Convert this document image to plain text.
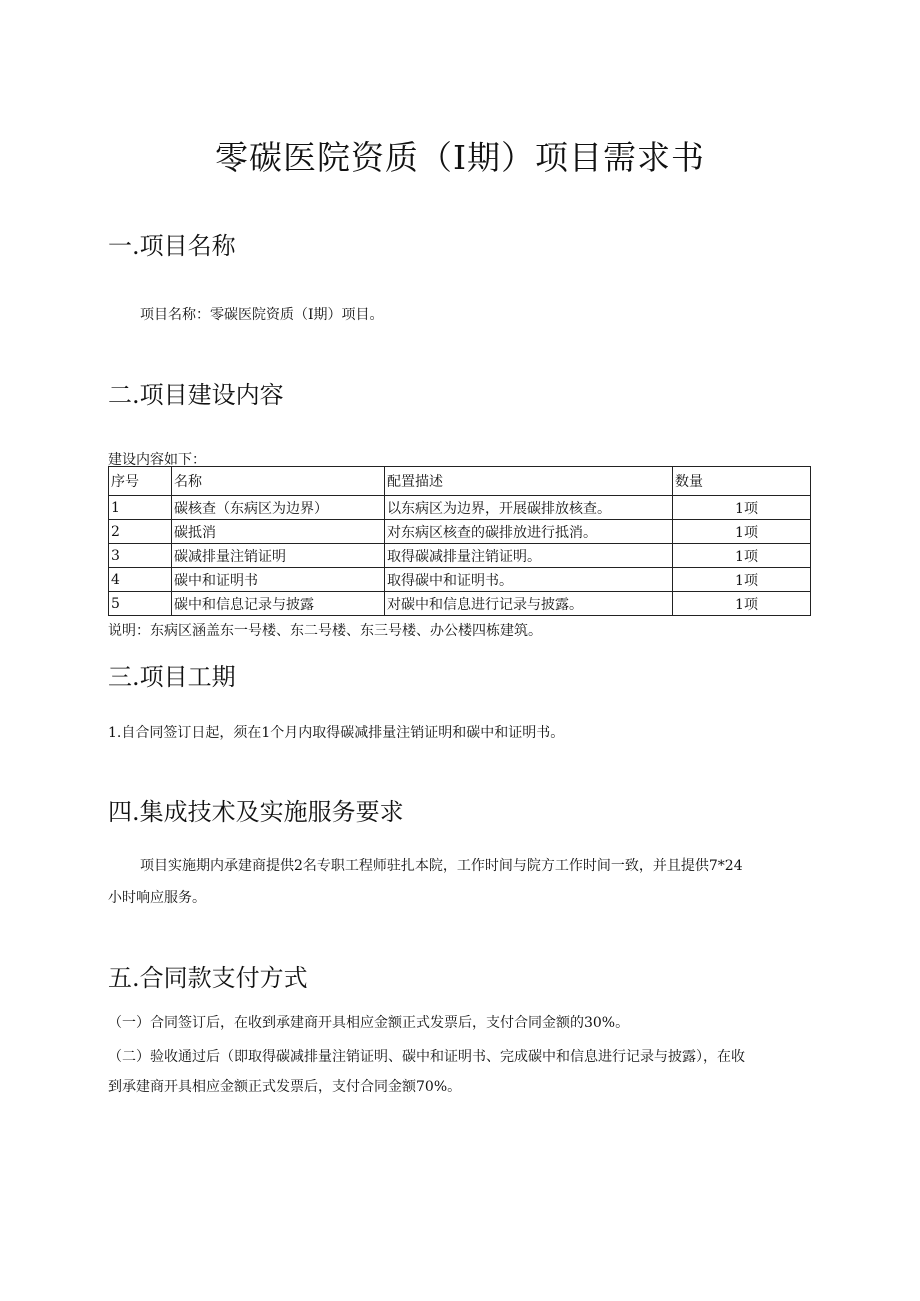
零碳医院资质（I期）项目需求书
一.项目名称
项目名称：零碳医院资质（I期）项目。
二.项目建设内容
建设内容如下：
序号	名称	配置描述	数量
1	碳核查（东病区为边界）	以东病区为边界，开展碳排放核查。	1项
2	碳抵消	对东病区核查的碳排放进行抵消。	1项
3	碳减排量注销证明	取得碳减排量注销证明。	1项
4	碳中和证明书	取得碳中和证明书。	1项
5	碳中和信息记录与披露	对碳中和信息进行记录与披露。	1项
说明：东病区涵盖东一号楼、东二号楼、东三号楼、办公楼四栋建筑。
三.项目工期
1.自合同签订日起，须在1个月内取得碳减排量注销证明和碳中和证明书。
四.集成技术及实施服务要求
项目实施期内承建商提供2名专职工程师驻扎本院，工作时间与院方工作时间一致，并且提供7*24
小时响应服务。
五.合同款支付方式
（一）合同签订后，在收到承建商开具相应金额正式发票后，支付合同金额的30%。
（二）验收通过后（即取得碳减排量注销证明、碳中和证明书、完成碳中和信息进行记录与披露），在收
到承建商开具相应金额正式发票后，支付合同金额70%。
